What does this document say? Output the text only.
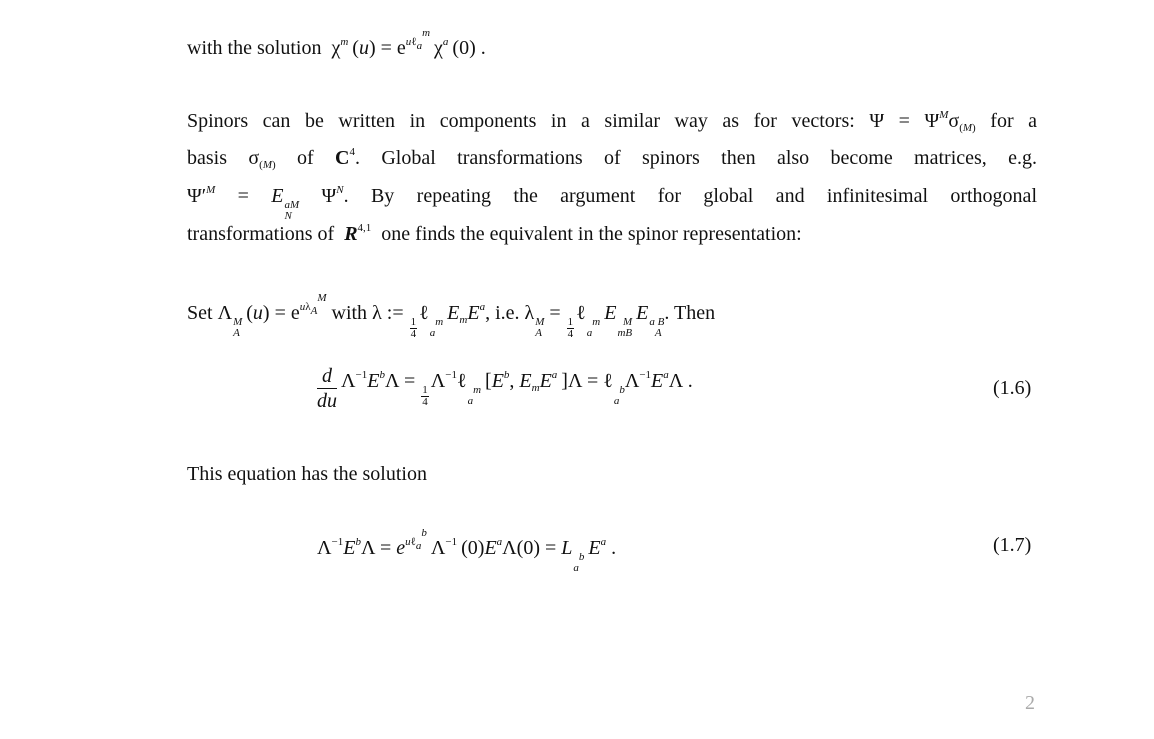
with the solution  $\chi^m$ $(u) = e^{u\ell_a^m}$ $\chi^a$ (0) .
Spinors can be written in components in a similar way as for vectors: $\Psi = \Psi^M\sigma_{(M)}$ for a
basis $\sigma_{(M)}$ of $C^4$. Global transformations of spinors then also become matrices, e.g.
$\Psi'^M = E$ aM
N
$\Psi^N$. By repeating the argument for global and infinitesimal orthogonal
transformations of R$^{4,1}$ one finds the equivalent in the spinor representation:
Set Λ M
A
 $(u) = e^{u\lambda_A^M}$ with λ := 
$\frac{1}{4}$
ℓ m
a
 $E_mE^a$, i.e. λ M
A
= 
$\frac{1}{4}$
ℓ m
a
 E M
mB
 E a B
A
. Then
$\frac{d}{du} \Lambda^{-1}E^b\Lambda$ = 
$\frac{1}{4}$
$\Lambda^{-1}\ell$ m
a
 [$E^b$, $E_mE^a$ ]Λ = ℓ b
a
$\Lambda^{-1}E^a\Lambda$ .	(1.6)
This equation has the solution
$\Lambda^{-1}E^b\Lambda = e^{u\ell_a^b}$ $\Lambda^{-1}$ $(0)E^a\Lambda(0) = L$ b
a
 $E^a$ .	(1.7)
2
